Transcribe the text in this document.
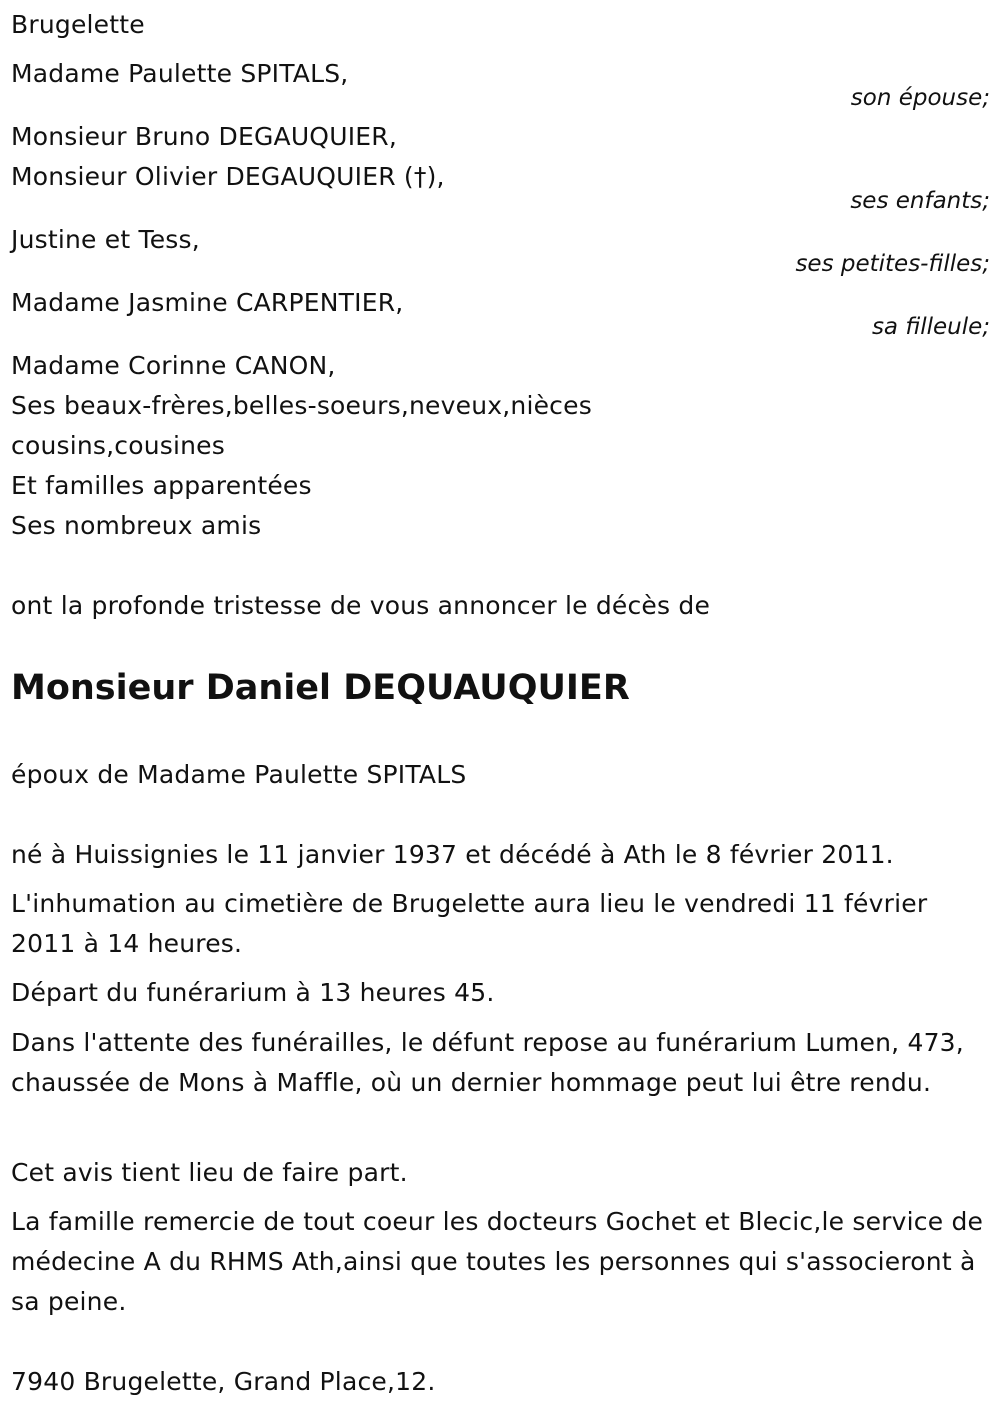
Brugelette
Madame Paulette SPITALS,
son épouse;
Monsieur Bruno DEGAUQUIER,
Monsieur Olivier DEGAUQUIER (†),
ses enfants;
Justine et Tess,
ses petites-filles;
Madame Jasmine CARPENTIER,
sa filleule;
Madame Corinne CANON,
Ses beaux-frères,belles-soeurs,neveux,nièces
cousins,cousines
Et familles apparentées
Ses nombreux amis
ont la profonde tristesse de vous annoncer le décès de
Monsieur Daniel DEQUAUQUIER
époux de Madame Paulette SPITALS
né à Huissignies le 11 janvier 1937 et décédé à Ath le 8 février 2011.
L'inhumation au cimetière de Brugelette aura lieu le vendredi 11 février 2011 à 14 heures.
Départ du funérarium à 13 heures 45.
Dans l'attente des funérailles, le défunt repose au funérarium Lumen, 473, chaussée de Mons à Maffle, où un dernier hommage peut lui être rendu.
Cet avis tient lieu de faire part.
La famille remercie de tout coeur les docteurs Gochet et Blecic,le service de médecine A du RHMS Ath,ainsi que toutes les personnes qui s'associeront à sa peine.
7940 Brugelette, Grand Place,12.
